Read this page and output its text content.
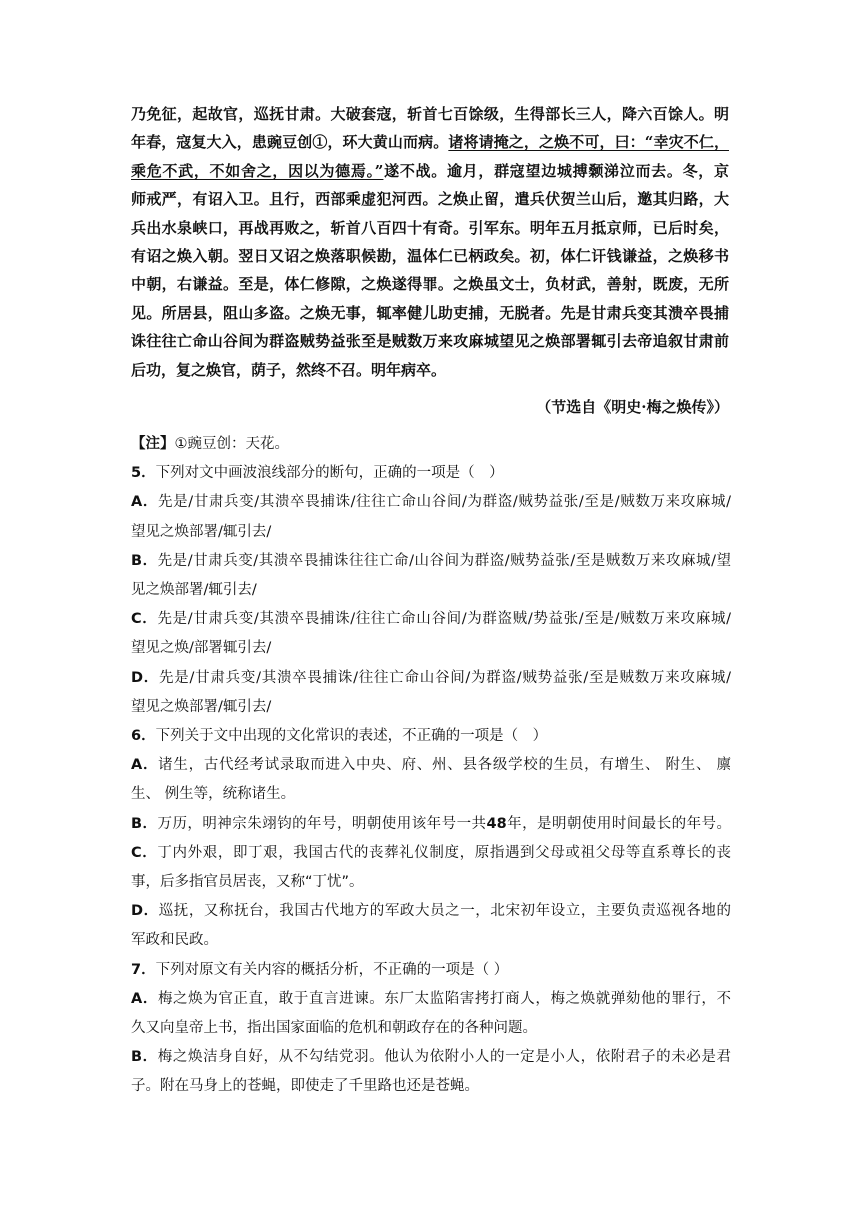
乃免征，起故官，巡抚甘肃。大破套寇，斩首七百馀级，生得部长三人，降六百馀人。明
年春，寇复大入，患豌豆创①，环大黄山而病。诸将请掩之，之焕不可，曰：“幸灾不仁，
乘危不武，不如舍之，因以为德焉。”遂不战。逾月，群寇望边城搏颡涕泣而去。冬，京
师戒严，有诏入卫。且行，西部乘虚犯河西。之焕止留，遣兵伏贺兰山后，邀其归路，大
兵出水泉峡口，再战再败之，斩首八百四十有奇。引军东。明年五月抵京师，已后时矣，
有诏之焕入朝。翌日又诏之焕落职候勘，温体仁已柄政矣。初，体仁讦钱谦益，之焕移书
中朝，右谦益。至是，体仁修隙，之焕遂得罪。之焕虽文士，负材武，善射，既废，无所
见。所居县，阻山多盗。之焕无事，辄率健儿助吏捕，无脱者。先是甘肃兵变其溃卒畏捕
诛往往亡命山谷间为群盗贼势益张至是贼数万来攻麻城望见之焕部署辄引去帝追叙甘肃前
后功，复之焕官，荫子，然终不召。明年病卒。
（节选自《明史·梅之焕传》）
【注】①豌豆创：天花。
5．下列对文中画波浪线部分的断句，正确的一项是（　）
A．先是/甘肃兵变/其溃卒畏捕诛/往往亡命山谷间/为群盗/贼势益张/至是/贼数万来攻麻城/
望见之焕部署/辄引去/
B．先是/甘肃兵变/其溃卒畏捕诛往往亡命/山谷间为群盗/贼势益张/至是贼数万来攻麻城/望
见之焕部署/辄引去/
C．先是/甘肃兵变/其溃卒畏捕诛/往往亡命山谷间/为群盗贼/势益张/至是/贼数万来攻麻城/
望见之焕/部署辄引去/
D．先是/甘肃兵变/其溃卒畏捕诛/往往亡命山谷间/为群盗/贼势益张/至是贼数万来攻麻城/
望见之焕部署/辄引去/
6．下列关于文中出现的文化常识的表述，不正确的一项是（　）
A．诸生，古代经考试录取而进入中央、府、州、县各级学校的生员，有增生、 附生、 廪
生、 例生等，统称诸生。
B．万历，明神宗朱翊钧的年号，明朝使用该年号一共48年，是明朝使用时间最长的年号。
C．丁内外艰，即丁艰，我国古代的丧葬礼仪制度，原指遇到父母或祖父母等直系尊长的丧
事，后多指官员居丧，又称“丁忧”。
D．巡抚，又称抚台，我国古代地方的军政大员之一，北宋初年设立，主要负责巡视各地的
军政和民政。
7．下列对原文有关内容的概括分析，不正确的一项是（ ）
A．梅之焕为官正直，敢于直言进谏。东厂太监陷害拷打商人，梅之焕就弹劾他的罪行，不
久又向皇帝上书，指出国家面临的危机和朝政存在的各种问题。
B．梅之焕洁身自好，从不勾结党羽。他认为依附小人的一定是小人，依附君子的未必是君
子。附在马身上的苍蝇，即使走了千里路也还是苍蝇。
